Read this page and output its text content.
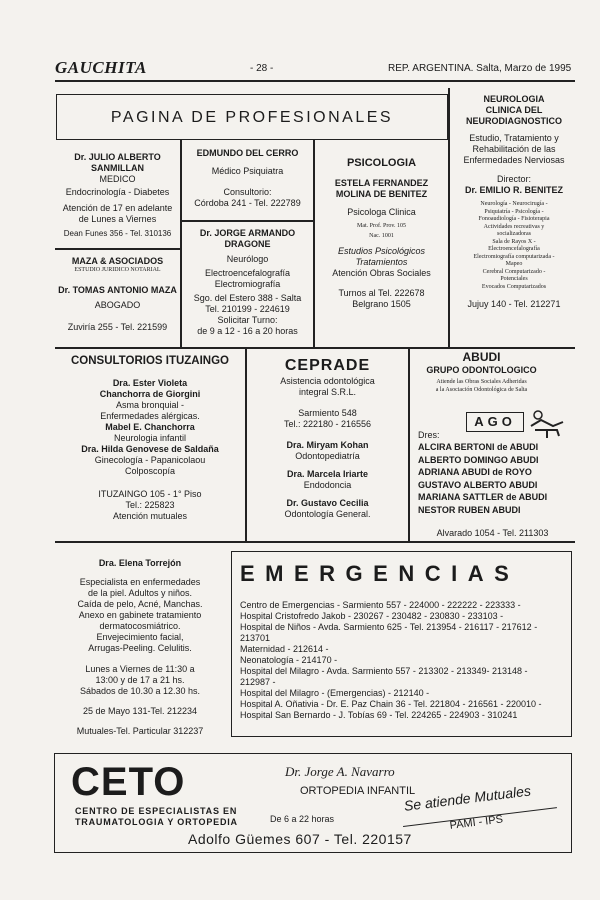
GAUCHITA	- 28 -	REP. ARGENTINA. Salta, Marzo de 1995
PAGINA DE PROFESIONALES
NEUROLOGIA
CLINICA DEL
NEURODIAGNOSTICO
Estudio, Tratamiento y
Rehabilitación de las
Enfermedades Nerviosas
Director:
Dr. EMILIO R. BENITEZ
Neurología - Neurocirugía -
Psiquiatría - Psicología -
Fonoaudiología - Fisioterapia
Actividades recreativas y
socializadoras
Sala de Rayos X -
Electroencefalografía
Electromiografía computarizada -
Mapeo
Cerebral Computarizado -
Potenciales
Evocados Computarizados
Jujuy 140 - Tel. 212271
Dr. JULIO ALBERTO
SANMILLAN
MEDICO
Endocrinología - Diabetes
Atención de 17 en adelante
de Lunes a Viernes
Dean Funes 356 - Tel. 310136
MAZA & ASOCIADOS
ESTUDIO JURIDICO NOTARIAL
Dr. TOMAS ANTONIO MAZA
ABOGADO
Zuviría 255 - Tel. 221599
EDMUNDO DEL CERRO
Médico Psiquiatra
Consultorio:
Córdoba 241 - Tel. 222789
Dr. JORGE ARMANDO
DRAGONE
Neurólogo
Electroencefalografía
Electromiografía
Sgo. del Estero 388 - Salta
Tel. 210199 - 224619
Solicitar Turno:
de 9 a 12 - 16 a 20 horas
PSICOLOGIA
ESTELA FERNANDEZ
MOLINA DE BENITEZ
Psicologa Clinica
Mat. Prof. Prov. 105
Nac. 1001
Estudios Psicológicos
Tratamientos
Atención Obras Sociales
Turnos al Tel. 222678
Belgrano 1505
CONSULTORIOS ITUZAINGO
Dra. Ester Violeta
Chanchorra de Giorgini
Asma bronquial -
Enfermedades alérgicas.
Mabel E. Chanchorra
Neurologia infantil
Dra. Hilda Genovese de Saldaña
Ginecología - Papanicolaou
Colposcopía
ITUZAINGO 105 - 1° Piso
Tel.: 225823
Atención mutuales
CEPRADE
Asistencia odontológica
integral S.R.L.
Sarmiento 548
Tel.: 222180 - 216556
Dra. Miryam Kohan
Odontopediatría
Dra. Marcela Iriarte
Endodoncia
Dr. Gustavo Cecilia
Odontología General.
ABUDI
GRUPO ODONTOLOGICO
Atiende las Obras Sociales Adheridas
a la Asociación Odontológica de Salta
AGO
Dres:
ALCIRA BERTONI de ABUDI
ALBERTO DOMINGO ABUDI
ADRIANA ABUDI de ROYO
GUSTAVO ALBERTO ABUDI
MARIANA SATTLER de ABUDI
NESTOR RUBEN ABUDI
Alvarado 1054 - Tel. 211303
Dra. Elena Torrejón
Especialista en enfermedades
de la piel. Adultos y niños.
Caída de pelo, Acné, Manchas.
Anexo en gabinete tratamiento
dermatocosmiátrico.
Envejecimiento facial,
Arrugas-Peeling. Celulitis.
Lunes a Viernes de 11:30 a
13:00 y de 17 a 21 hs.
Sábados de 10.30 a 12.30 hs.
25 de Mayo 131-Tel. 212234
Mutuales-Tel. Particular 312237
EMERGENCIAS
Centro de Emergencias - Sarmiento 557 - 224000 - 222222 - 223333 -
Hospital Cristofredo Jakob - 230267 - 230482 - 230830 - 233103 -
Hospital de Niños - Avda. Sarmiento 625 - Tel. 213954 - 216117 - 217612 -
213701
Maternidad - 212614 -
Neonatología - 214170 -
Hospital del Milagro - Avda. Sarmiento 557 - 213302 - 213349- 213148 -
212987 -
Hospital del Milagro - (Emergencias) - 212140 -
Hospital A. Oñativia - Dr. E. Paz Chain 36 - Tel. 221804 - 216561 - 220010 -
Hospital San Bernardo - J. Tobías 69 - Tel. 224265 - 224903 - 310241
CETO
CENTRO DE ESPECIALISTAS EN
TRAUMATOLOGIA Y ORTOPEDIA
Dr. Jorge A. Navarro
ORTOPEDIA INFANTIL
De 6 a 22 horas
Se atiende Mutuales
PAMI - IPS
Adolfo Güemes 607 - Tel. 220157
